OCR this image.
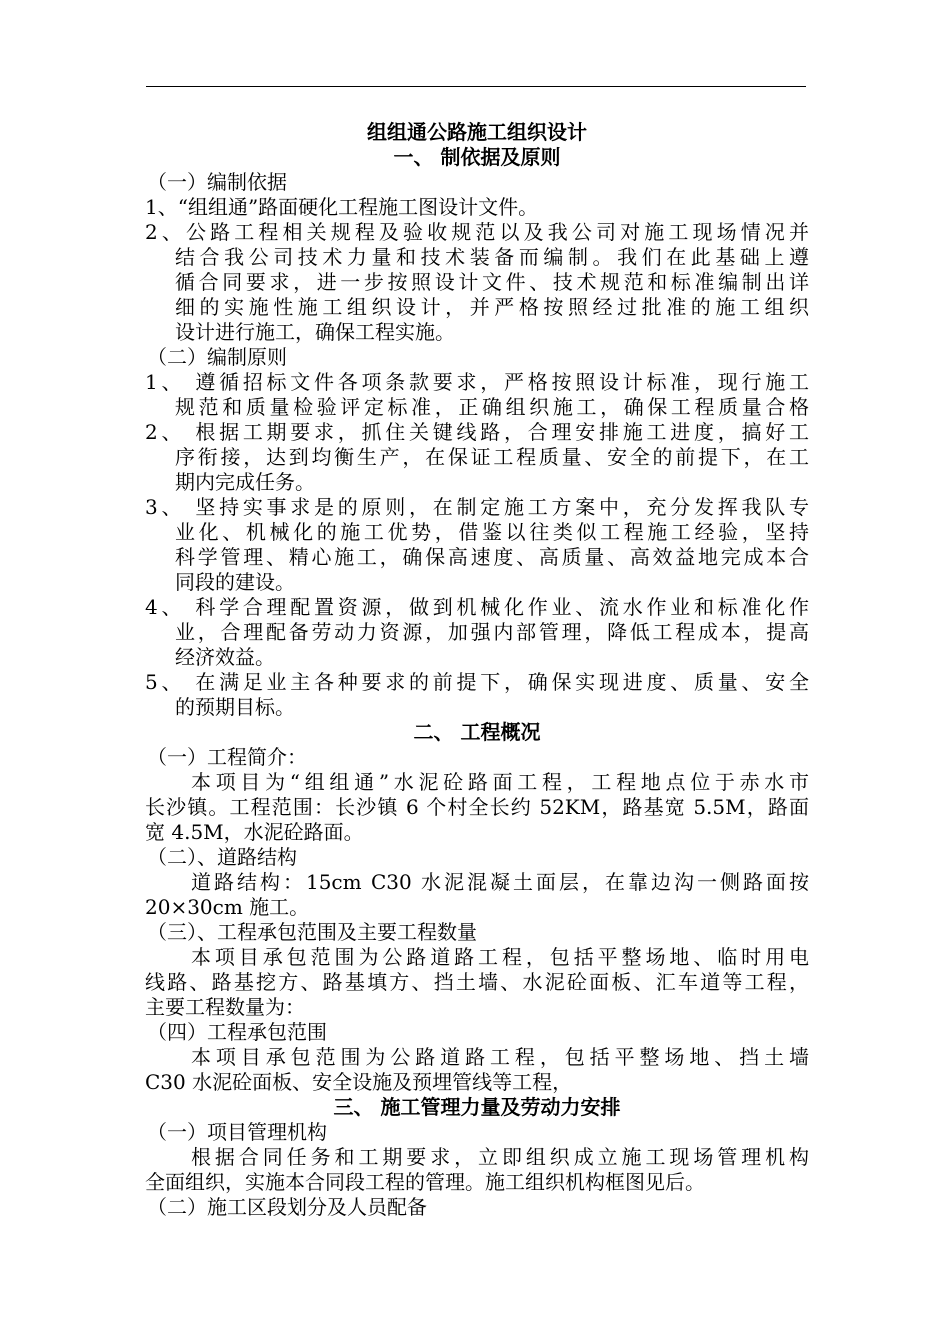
组组通公路施工组织设计
一、 制依据及原则
（一）编制依据
1、“组组通”路面硬化工程施工图设计文件。
2、公路工程相关规程及验收规范以及我公司对施工现场情况并
结合我公司技术力量和技术装备而编制。我们在此基础上遵
循合同要求，进一步按照设计文件、技术规范和标准编制出详
细的实施性施工组织设计，并严格按照经过批准的施工组织
设计进行施工，确保工程实施。
（二）编制原则
1、 遵循招标文件各项条款要求，严格按照设计标准，现行施工
规范和质量检验评定标准，正确组织施工，确保工程质量合格
2、 根据工期要求，抓住关键线路，合理安排施工进度，搞好工
序衔接，达到均衡生产，在保证工程质量、安全的前提下，在工
期内完成任务。
3、 坚持实事求是的原则，在制定施工方案中，充分发挥我队专
业化、机械化的施工优势，借鉴以往类似工程施工经验，坚持
科学管理、精心施工，确保高速度、高质量、高效益地完成本合
同段的建设。
4、 科学合理配置资源，做到机械化作业、流水作业和标准化作
业，合理配备劳动力资源，加强内部管理，降低工程成本，提高
经济效益。
5、 在满足业主各种要求的前提下，确保实现进度、质量、安全
的预期目标。
二、 工程概况
（一）工程简介：
本项目为“组组通”水泥砼路面工程，工程地点位于赤水市
长沙镇。工程范围：长沙镇 6 个村全长约 52KM，路基宽 5.5M，路面
宽 4.5M，水泥砼路面。
（二）、道路结构
道路结构：15cm C30 水泥混凝土面层，在靠边沟一侧路面按
20×30cm 施工。
（三）、工程承包范围及主要工程数量
本项目承包范围为公路道路工程，包括平整场地、临时用电
线路、路基挖方、路基填方、挡土墙、水泥砼面板、汇车道等工程，
主要工程数量为：
（四）工程承包范围
本项目承包范围为公路道路工程，包括平整场地、挡土墙
C30 水泥砼面板、安全设施及预埋管线等工程，
三、 施工管理力量及劳动力安排
（一）项目管理机构
根据合同任务和工期要求，立即组织成立施工现场管理机构
全面组织，实施本合同段工程的管理。施工组织机构框图见后。
（二）施工区段划分及人员配备
